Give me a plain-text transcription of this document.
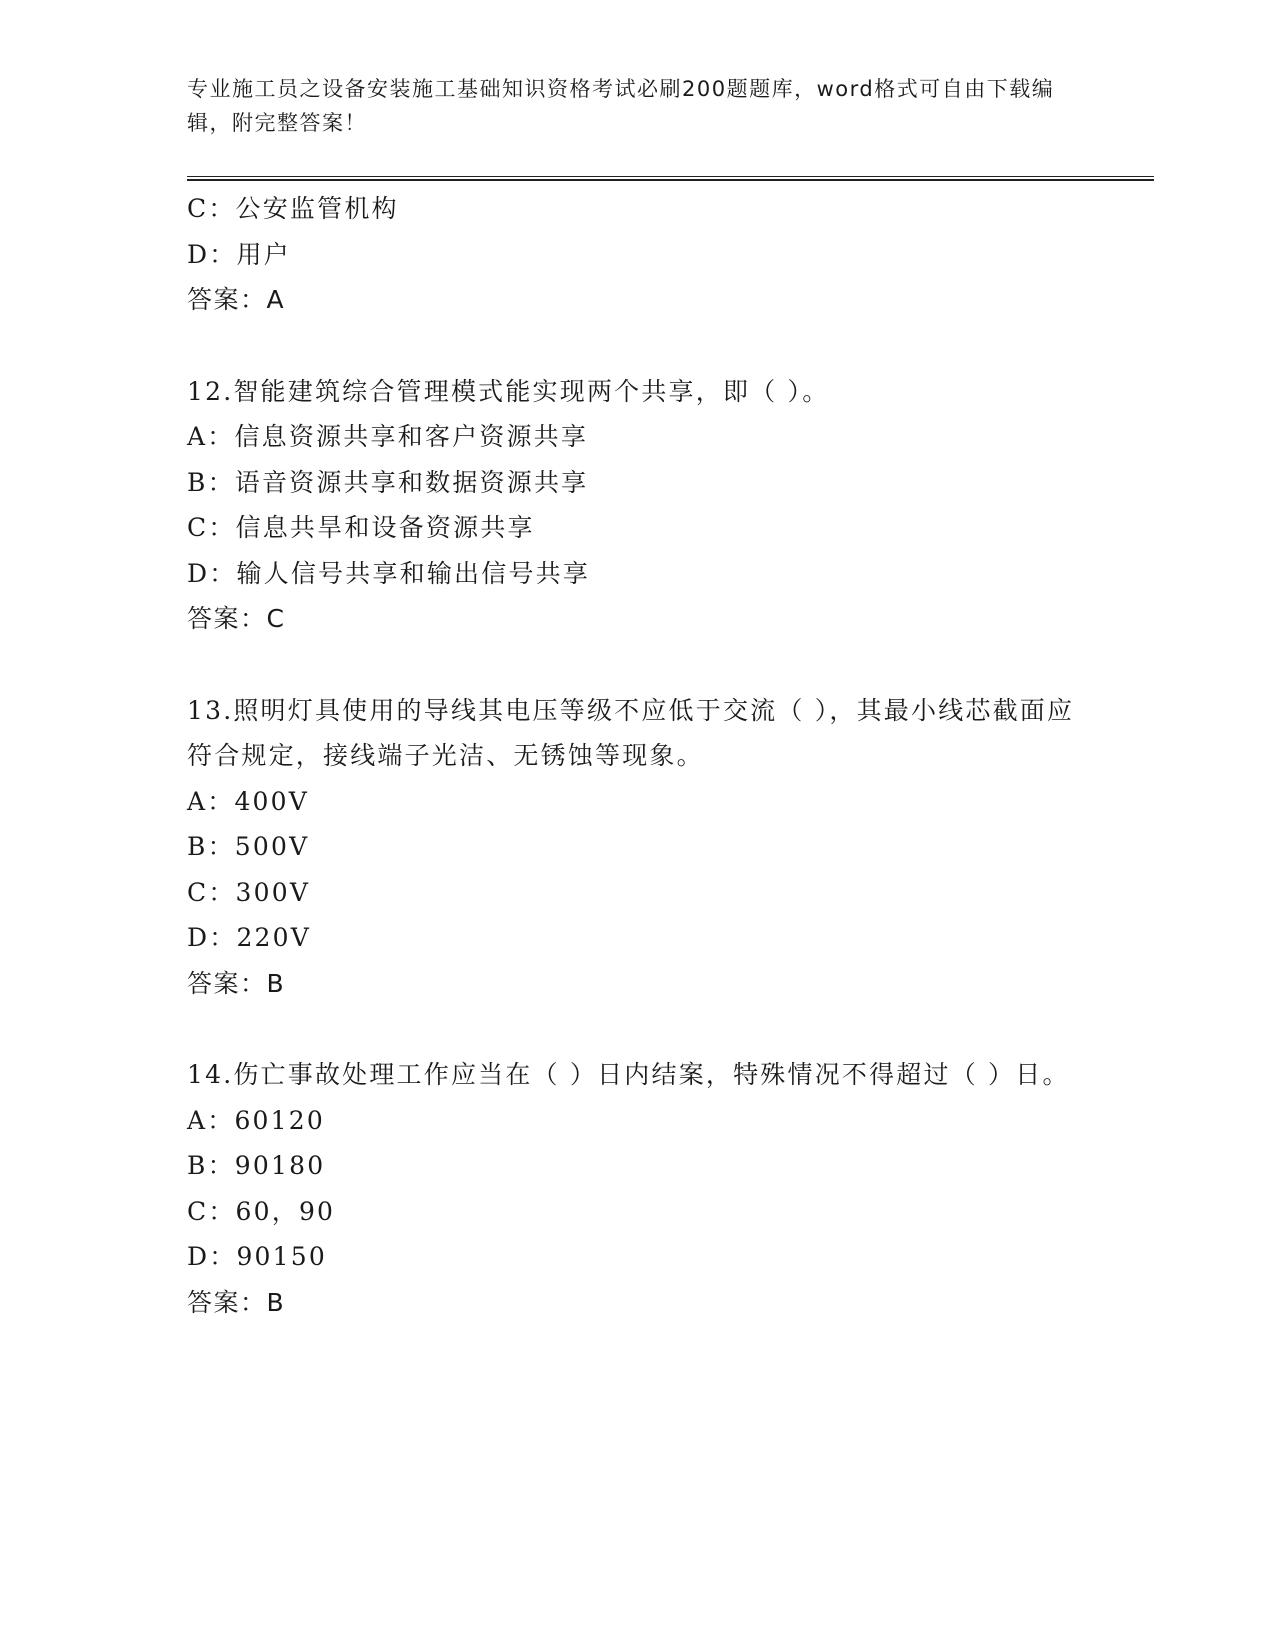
专业施工员之设备安装施工基础知识资格考试必刷200题题库，word格式可自由下载编辑，附完整答案！
C：公安监管机构
D：用户
答案：A
12.智能建筑综合管理模式能实现两个共享，即（ ）。
A：信息资源共享和客户资源共享
B：语音资源共享和数据资源共享
C：信息共旱和设备资源共享
D：输人信号共享和输出信号共享
答案：C
13.照明灯具使用的导线其电压等级不应低于交流（ ），其最小线芯截面应符合规定，接线端子光洁、无锈蚀等现象。
A：400V
B：500V
C：300V
D：220V
答案：B
14.伤亡事故处理工作应当在（ ）日内结案，特殊情况不得超过（ ）日。
A：60120
B：90180
C：60，90
D：90150
答案：B
